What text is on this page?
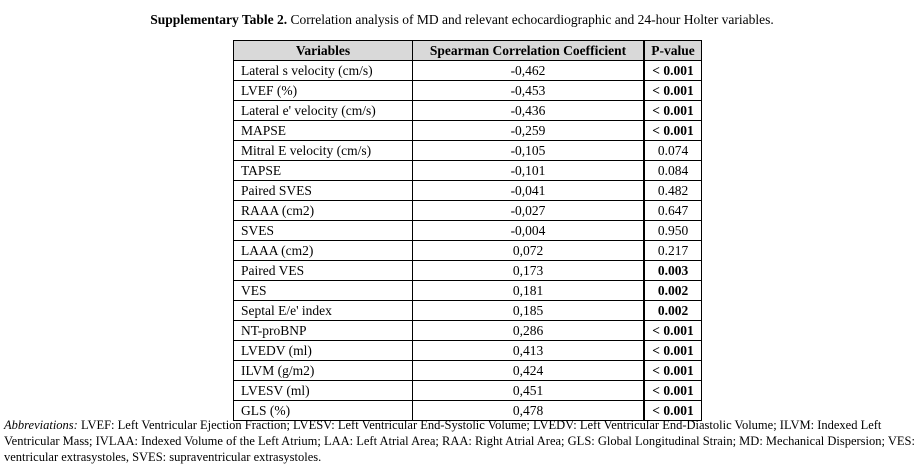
Supplementary Table 2. Correlation analysis of MD and relevant echocardiographic and 24-hour Holter variables.
Variables	Spearman Correlation Coefficient	P-value
Lateral s velocity (cm/s)	-0,462	< 0.001
LVEF (%)	-0,453	< 0.001
Lateral e' velocity (cm/s)	-0,436	< 0.001
MAPSE	-0,259	< 0.001
Mitral E velocity (cm/s)	-0,105	0.074
TAPSE	-0,101	0.084
Paired SVES	-0,041	0.482
RAAA (cm2)	-0,027	0.647
SVES	-0,004	0.950
LAAA (cm2)	0,072	0.217
Paired VES	0,173	0.003
VES	0,181	0.002
Septal E/e' index	0,185	0.002
NT-proBNP	0,286	< 0.001
LVEDV (ml)	0,413	< 0.001
ILVM (g/m2)	0,424	< 0.001
LVESV (ml)	0,451	< 0.001
GLS (%)	0,478	< 0.001
Abbreviations: LVEF: Left Ventricular Ejection Fraction; LVESV: Left Ventricular End-Systolic Volume; LVEDV: Left Ventricular End-Diastolic Volume; ILVM: Indexed Left Ventricular Mass; IVLAA: Indexed Volume of the Left Atrium; LAA: Left Atrial Area; RAA: Right Atrial Area; GLS: Global Longitudinal Strain; MD: Mechanical Dispersion; VES: ventricular extrasystoles, SVES: supraventricular extrasystoles.
